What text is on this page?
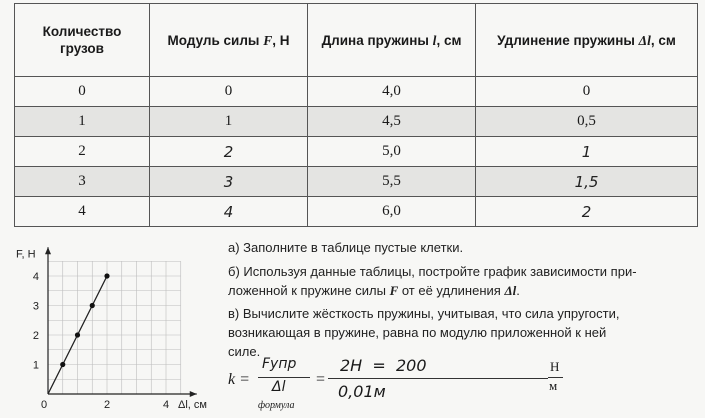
Количество грузов	Модуль силы F, Н	Длина пружины l, см	Удлинение пружины Δl, см
0	0	4,0	0
1	1	4,5	0,5
2	2	5,0	1
3	3	5,5	1,5
4	4	6,0	2
0	2	4
1
2
3
4
Δl, см
F, Н	а) Заполните в таблице пустые клетки.
б) Используя данные таблицы, постройте график зависимости при-
ложенной к пружине силы F от её удлинения Δl.
в) Вычислите жёсткость пружины, учитывая, что сила упругости,
возникающая в пружине, равна по модулю приложенной к ней
силе.
k =
Fупр
Δl
формула
=
2Н  =  200
0,01м
Н
м
